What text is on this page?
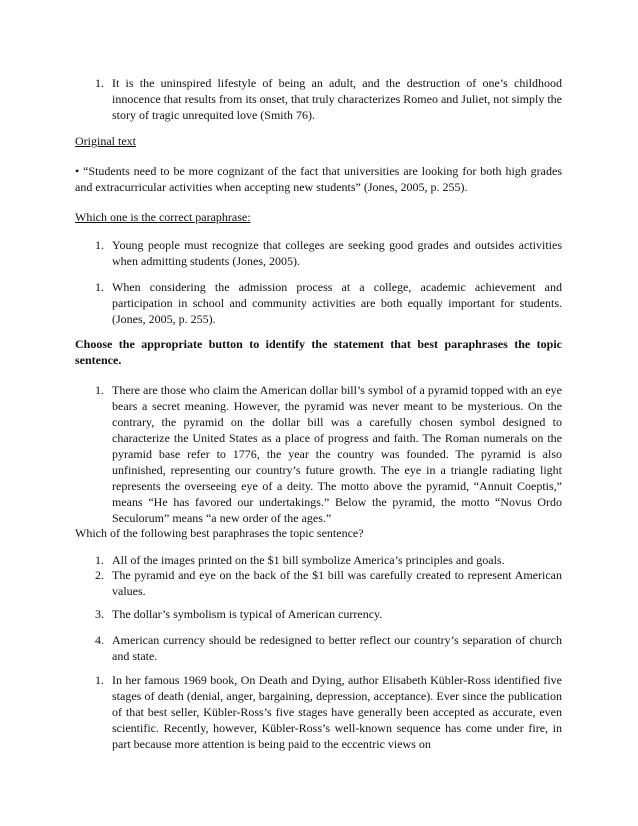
1. It is the uninspired lifestyle of being an adult, and the destruction of one’s childhood innocence that results from its onset, that truly characterizes Romeo and Juliet, not simply the story of tragic unrequited love (Smith 76).
Original text
• “Students need to be more cognizant of the fact that universities are looking for both high grades and extracurricular activities when accepting new students” (Jones, 2005, p. 255).
Which one is the correct paraphrase:
1. Young people must recognize that colleges are seeking good grades and outsides activities when admitting students (Jones, 2005).
1. When considering the admission process at a college, academic achievement and participation in school and community activities are both equally important for students. (Jones, 2005, p. 255).
Choose the appropriate button to identify the statement that best paraphrases the topic sentence.
1. There are those who claim the American dollar bill’s symbol of a pyramid topped with an eye bears a secret meaning. However, the pyramid was never meant to be mysterious. On the contrary, the pyramid on the dollar bill was a carefully chosen symbol designed to characterize the United States as a place of progress and faith. The Roman numerals on the pyramid base refer to 1776, the year the country was founded. The pyramid is also unfinished, representing our country’s future growth. The eye in a triangle radiating light represents the overseeing eye of a deity. The motto above the pyramid, “Annuit Coeptis,” means “He has favored our undertakings.” Below the pyramid, the motto “Novus Ordo Seculorum” means “a new order of the ages.”
Which of the following best paraphrases the topic sentence?
1. All of the images printed on the $1 bill symbolize America’s principles and goals.
2. The pyramid and eye on the back of the $1 bill was carefully created to represent American values.
3. The dollar’s symbolism is typical of American currency.
4. American currency should be redesigned to better reflect our country’s separation of church and state.
1. In her famous 1969 book, On Death and Dying, author Elisabeth Kübler-Ross identified five stages of death (denial, anger, bargaining, depression, acceptance). Ever since the publication of that best seller, Kübler-Ross’s five stages have generally been accepted as accurate, even scientific. Recently, however, Kübler-Ross’s well-known sequence has come under fire, in part because more attention is being paid to the eccentric views on
